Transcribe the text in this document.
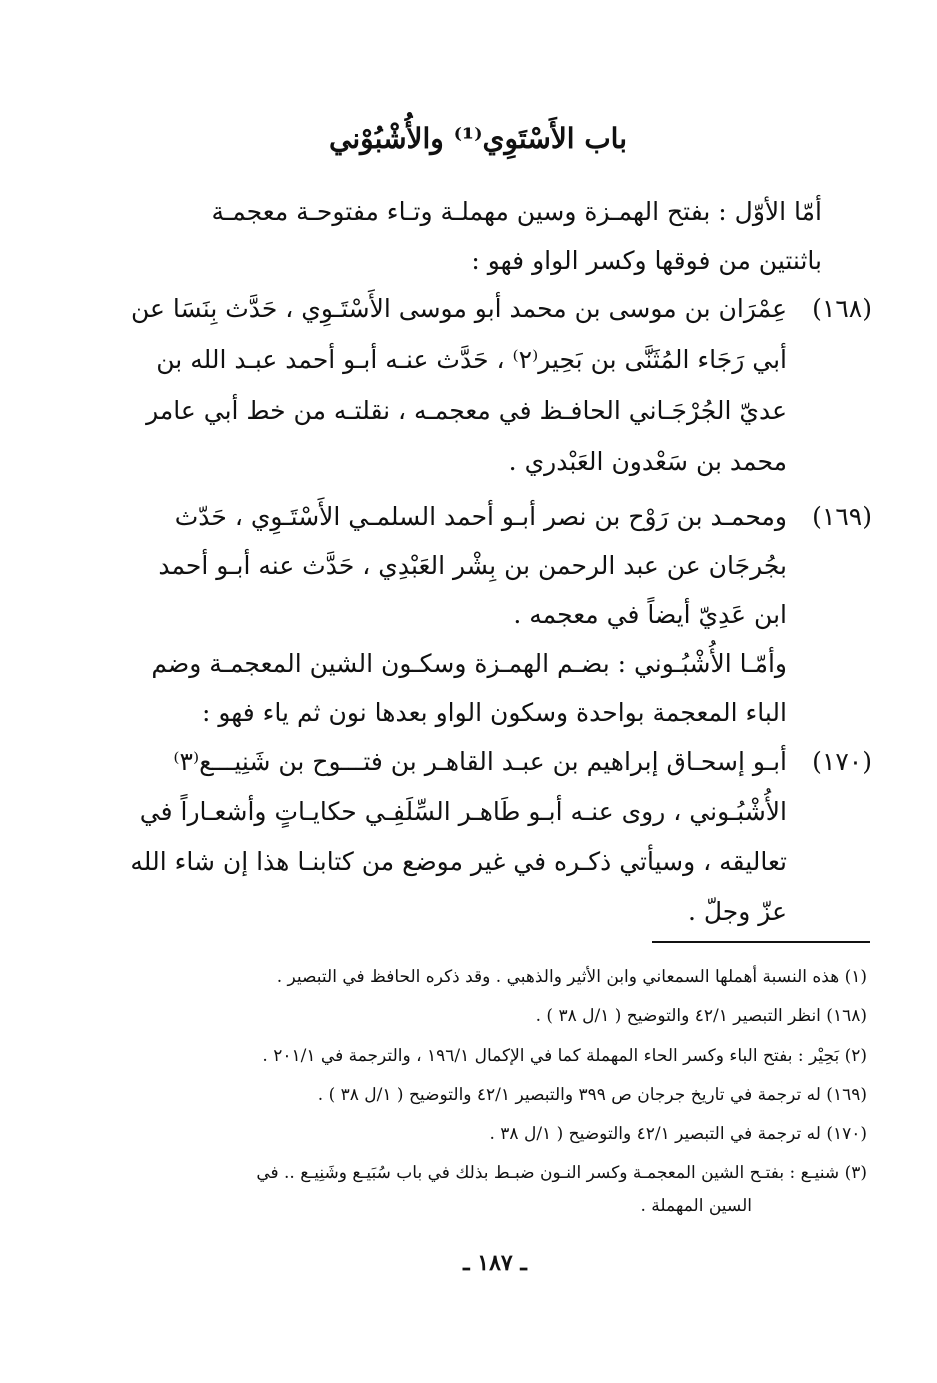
باب الأَسْتَوِي⁽¹⁾ والأُشْبُوْني
أمّا الأوّل : بفتح الهمـزة وسين مهملـة وتـاء مفتوحـة معجمـة
باثنتين من فوقها وكسر الواو فهو :
(١٦٨)
عِمْرَان بن موسى بن محمد أبو موسى الأَسْتَـوِي ، حَدَّث بِنَسَا عن
أبي رَجَاء المُثَنَّى بن بَحِير⁽٢⁾ ، حَدَّث عنـه أبـو أحمد عبـد الله بن
عديّ الجُرْجَـاني الحافـظ في معجمـه ، نقلتـه من خط أبي عامر
محمد بن سَعْدون العَبْدري .
(١٦٩)
ومحمـد بن رَوْح بن نصر أبـو أحمد السلمـي الأَسْتَـوِي ، حَدّث
بجُرجَان عن عبد الرحمن بن بِشْر العَبْدِي ، حَدَّث عنه أبـو أحمد
ابن عَدِيّ أيضاً في معجمه .
وأمّـا الأُشْبُـوني : بضـم الهمـزة وسكـون الشين المعجمـة وضم
الباء المعجمة بواحدة وسكون الواو بعدها نون ثم ياء فهو :
(١٧٠)
أبـو إسحـاق إبراهيم بن عبـد القاهـر بن فتـــوح بن شَنِيـــع⁽٣⁾
الأُشْبُـوني ، روى عنـه أبـو طَاهـر السِّلَفِـي حكايـاتٍ وأشعـاراً في
تعاليقه ، وسيأتي ذكـره في غير موضع من كتابنـا هذا إن شاء الله
عزّ وجلّ .
(١) هذه النسبة أهملها السمعاني وابن الأثير والذهبي . وقد ذكره الحافظ في التبصير .
(١٦٨) انظر التبصير ٤٢/١ والتوضيح ( ١/ل ٣٨ ) .
(٢) بَحِيْر : بفتح الباء وكسر الحاء المهملة كما في الإكمال ١٩٦/١ ، والترجمة في ٢٠١/١ .
(١٦٩) له ترجمة في تاريخ جرجان ص ٣٩٩ والتبصير ٤٢/١ والتوضيح ( ١/ل ٣٨ ) .
(١٧٠) له ترجمة في التبصير ٤٢/١ والتوضيح ( ١/ل ٣٨ .
(٣) شنيـع : بفتـح الشين المعجمـة وكسر النـون ضبـط بذلك في باب سُبَيـع وشَنِيـع .. في
السين المهملة .
ـ ١٨٧ ـ
